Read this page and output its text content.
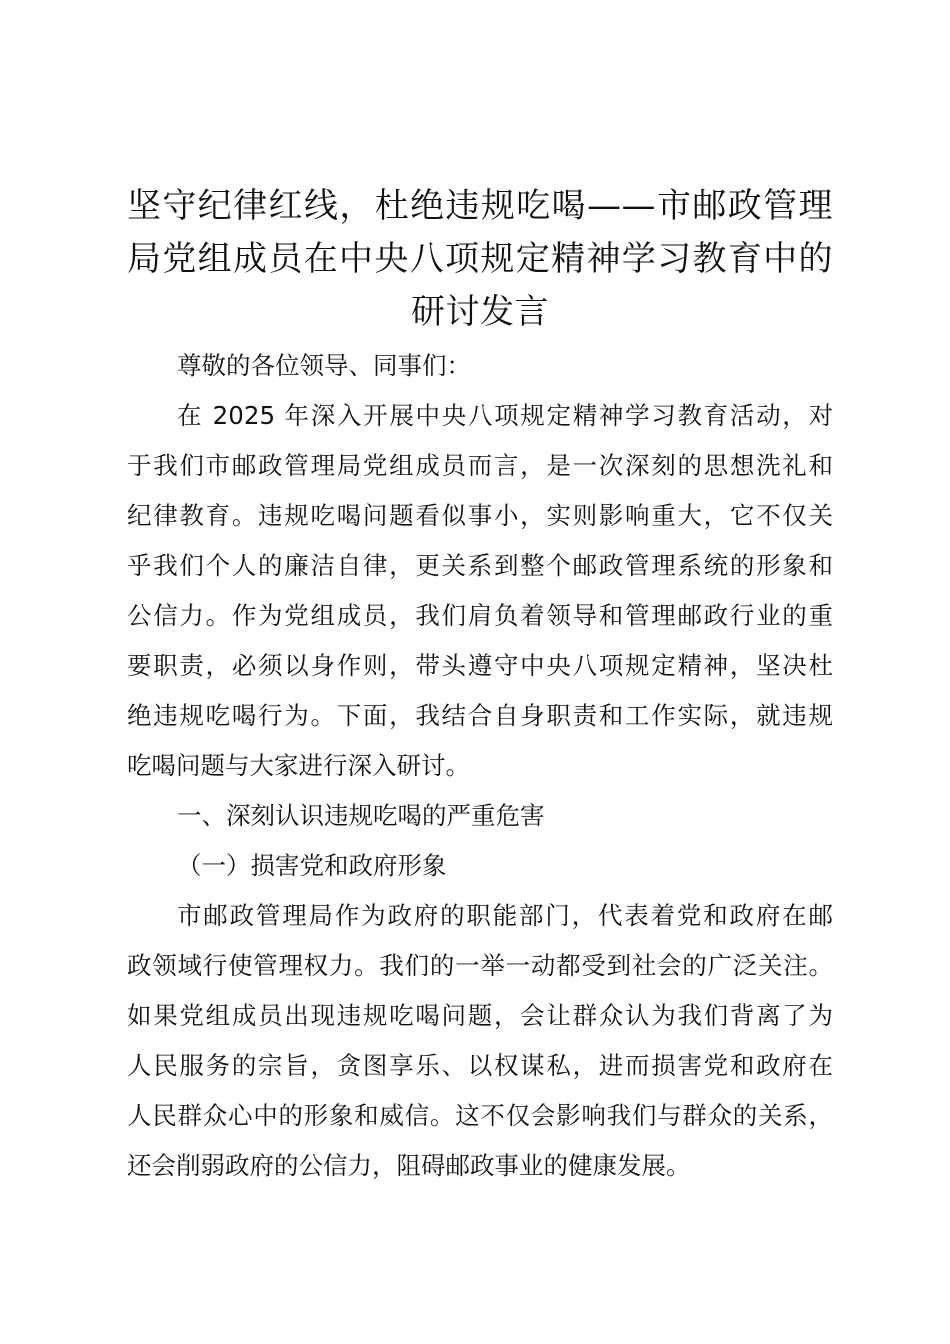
坚守纪律红线，杜绝违规吃喝——市邮政管理
局党组成员在中央八项规定精神学习教育中的
研讨发言
尊敬的各位领导、同事们：
在 2025 年深入开展中央八项规定精神学习教育活动，对
于我们市邮政管理局党组成员而言，是一次深刻的思想洗礼和
纪律教育。违规吃喝问题看似事小，实则影响重大，它不仅关
乎我们个人的廉洁自律，更关系到整个邮政管理系统的形象和
公信力。作为党组成员，我们肩负着领导和管理邮政行业的重
要职责，必须以身作则，带头遵守中央八项规定精神，坚决杜
绝违规吃喝行为。下面，我结合自身职责和工作实际，就违规
吃喝问题与大家进行深入研讨。
一、深刻认识违规吃喝的严重危害
（一）损害党和政府形象
市邮政管理局作为政府的职能部门，代表着党和政府在邮
政领域行使管理权力。我们的一举一动都受到社会的广泛关注。
如果党组成员出现违规吃喝问题，会让群众认为我们背离了为
人民服务的宗旨，贪图享乐、以权谋私，进而损害党和政府在
人民群众心中的形象和威信。这不仅会影响我们与群众的关系，
还会削弱政府的公信力，阻碍邮政事业的健康发展。
